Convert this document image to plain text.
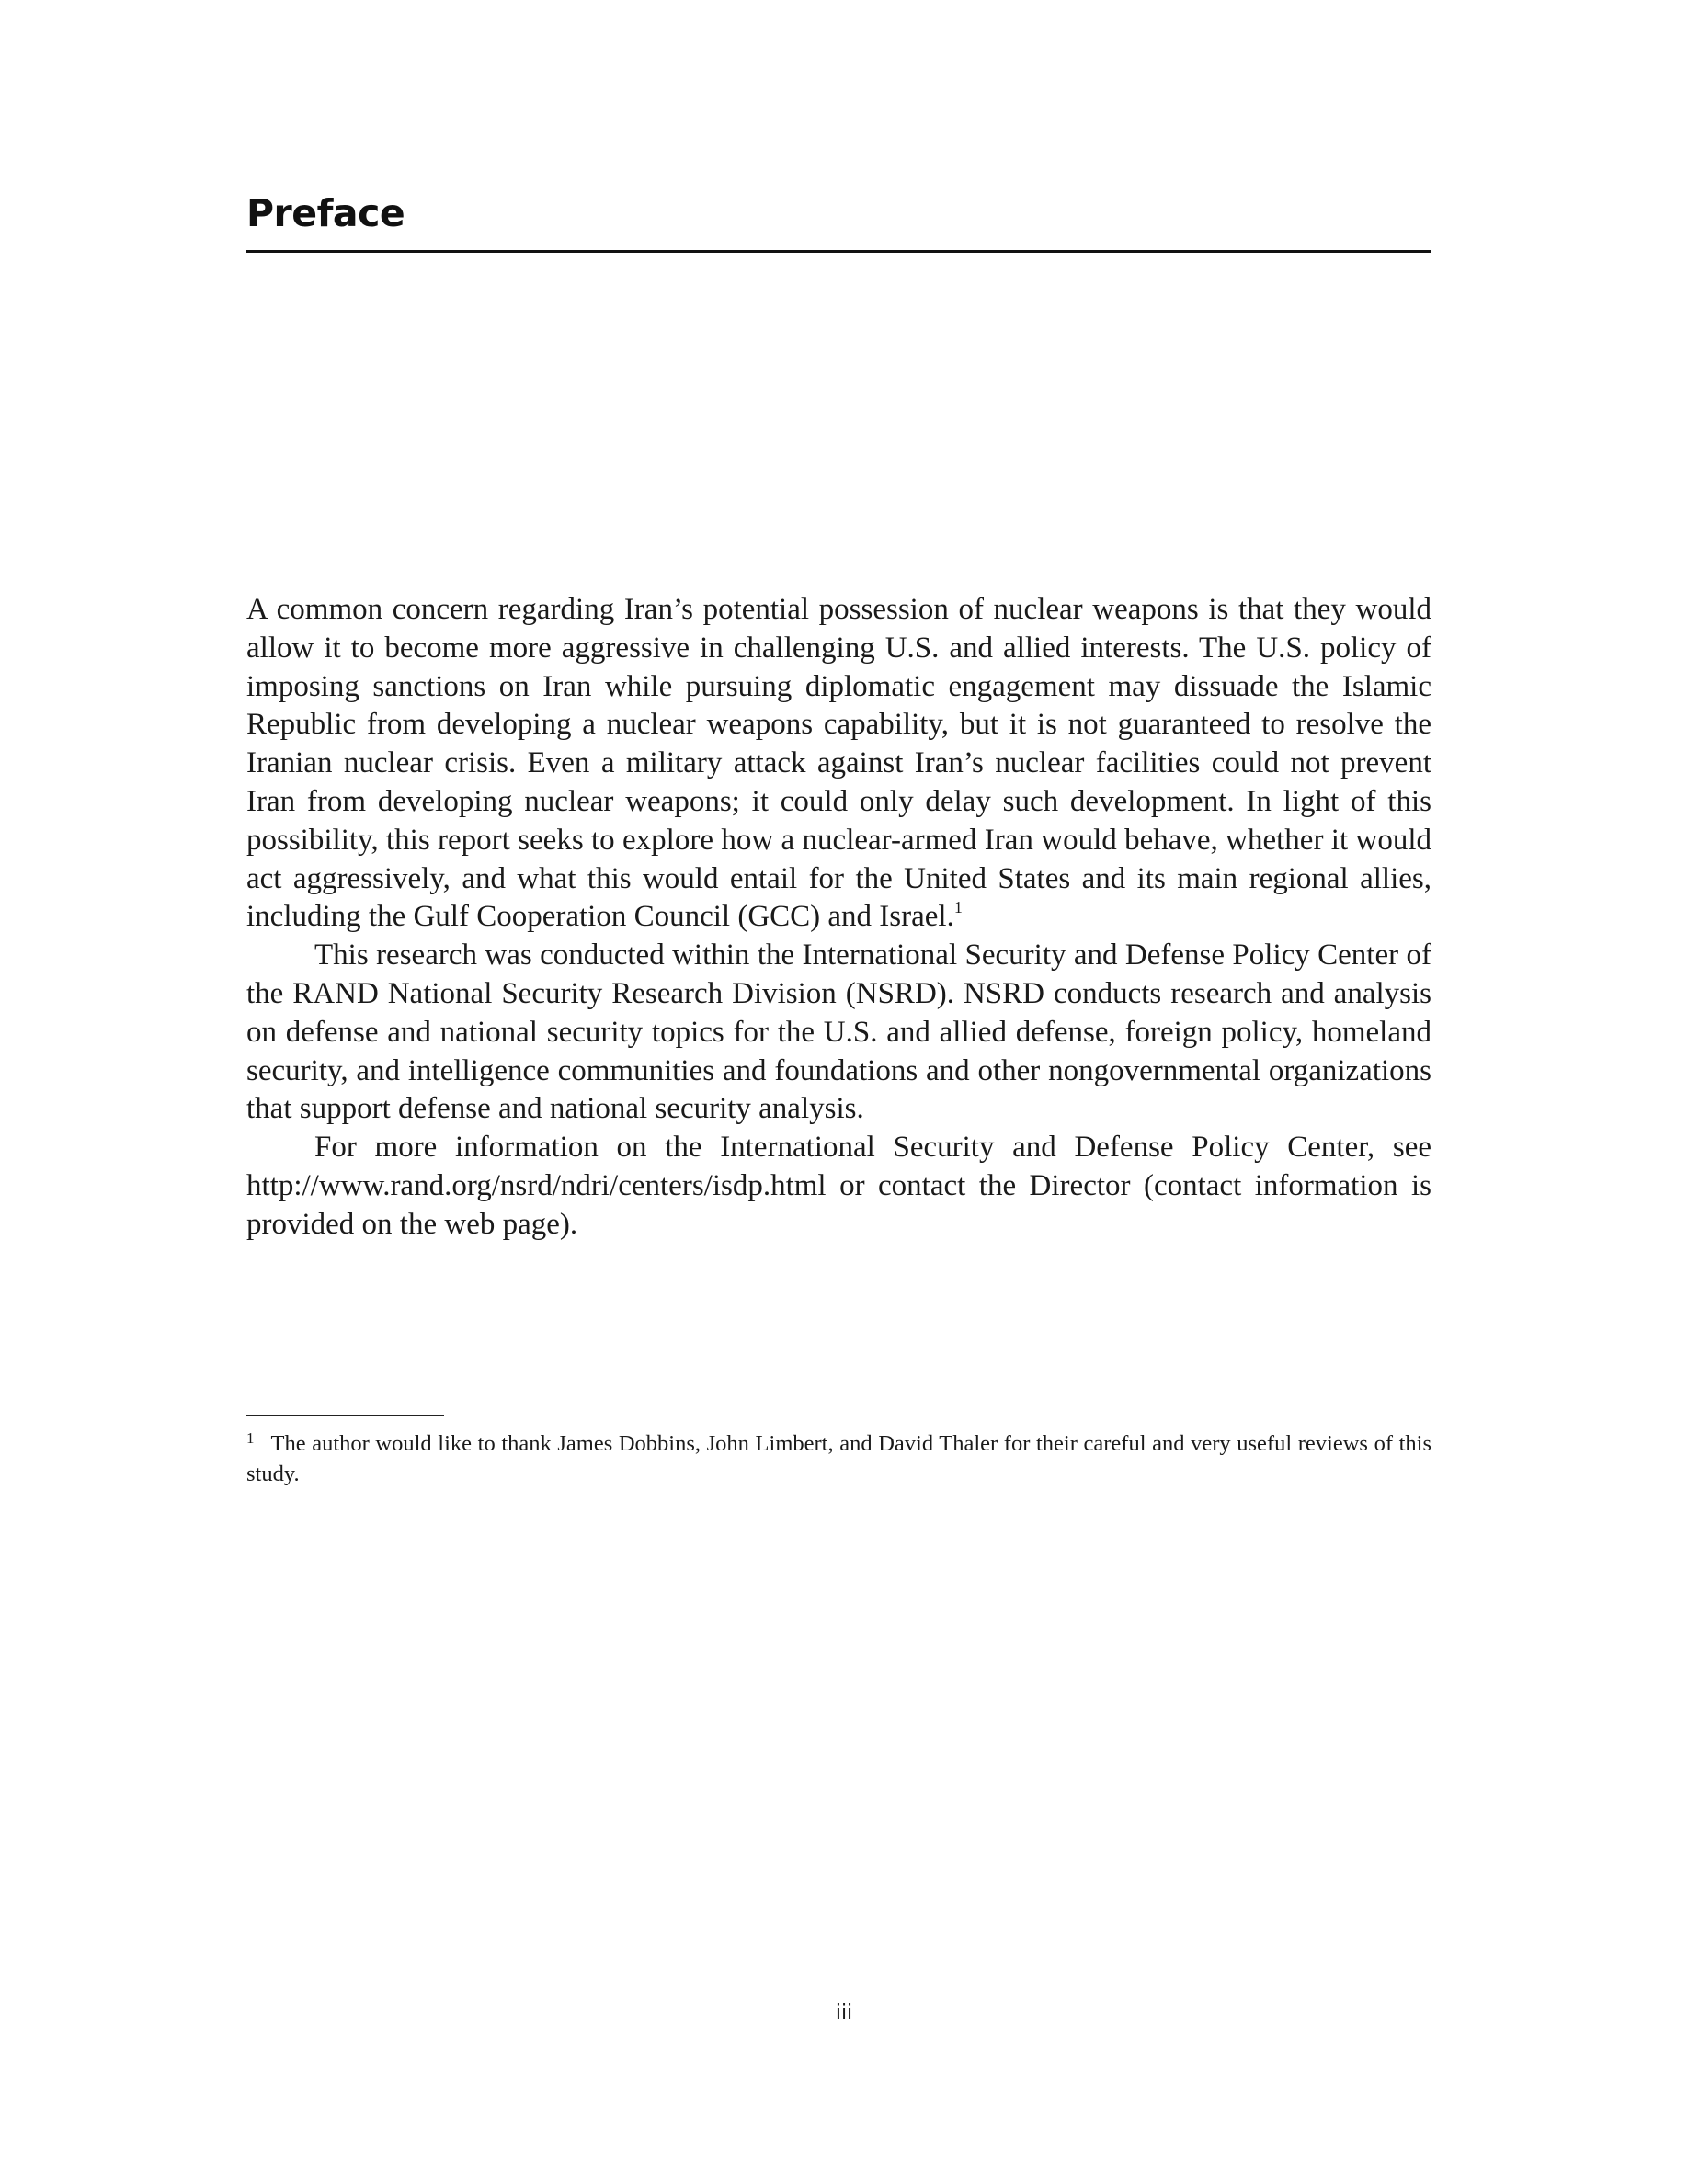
Preface

A common concern regarding Iran’s potential possession of nuclear weapons is that they would allow it to become more aggressive in challenging U.S. and allied interests. The U.S. policy of imposing sanctions on Iran while pursuing diplomatic engagement may dissuade the Islamic Republic from developing a nuclear weapons capability, but it is not guaranteed to resolve the Iranian nuclear crisis. Even a military attack against Iran’s nuclear facilities could not prevent Iran from developing nuclear weapons; it could only delay such development. In light of this possibility, this report seeks to explore how a nuclear-armed Iran would behave, whether it would act aggressively, and what this would entail for the United States and its main regional allies, including the Gulf Cooperation Council (GCC) and Israel.$^1$

This research was conducted within the International Security and Defense Policy Center of the RAND National Security Research Division (NSRD). NSRD conducts research and analysis on defense and national security topics for the U.S. and allied defense, foreign policy, homeland security, and intelligence communities and foundations and other nongovernmental organizations that support defense and national security analysis.

For more information on the International Security and Defense Policy Center, see http://www.rand.org/nsrd/ndri/centers/isdp.html or contact the Director (contact information is provided on the web page).

$^1$ The author would like to thank James Dobbins, John Limbert, and David Thaler for their careful and very useful reviews of this study.

iii
